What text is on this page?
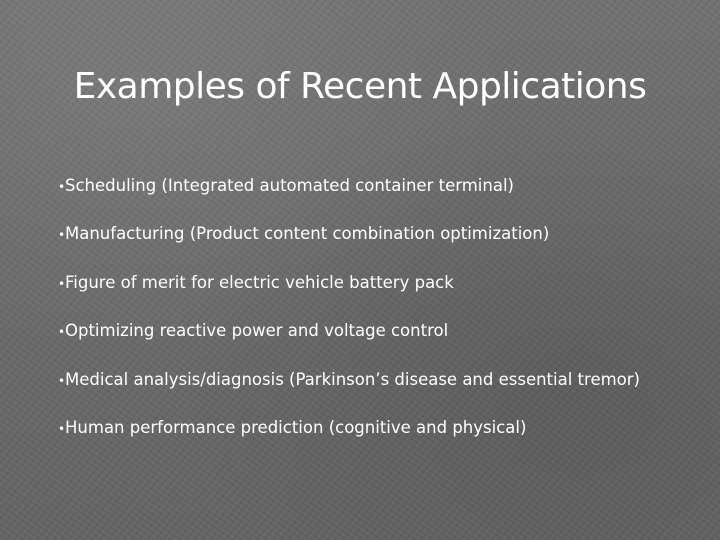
Examples of Recent Applications
• Scheduling (Integrated automated container terminal)
• Manufacturing (Product content combination optimization)
• Figure of merit for electric vehicle battery pack
• Optimizing reactive power and voltage control
• Medical analysis/diagnosis (Parkinson’s disease and essential tremor)
• Human performance prediction (cognitive and physical)
